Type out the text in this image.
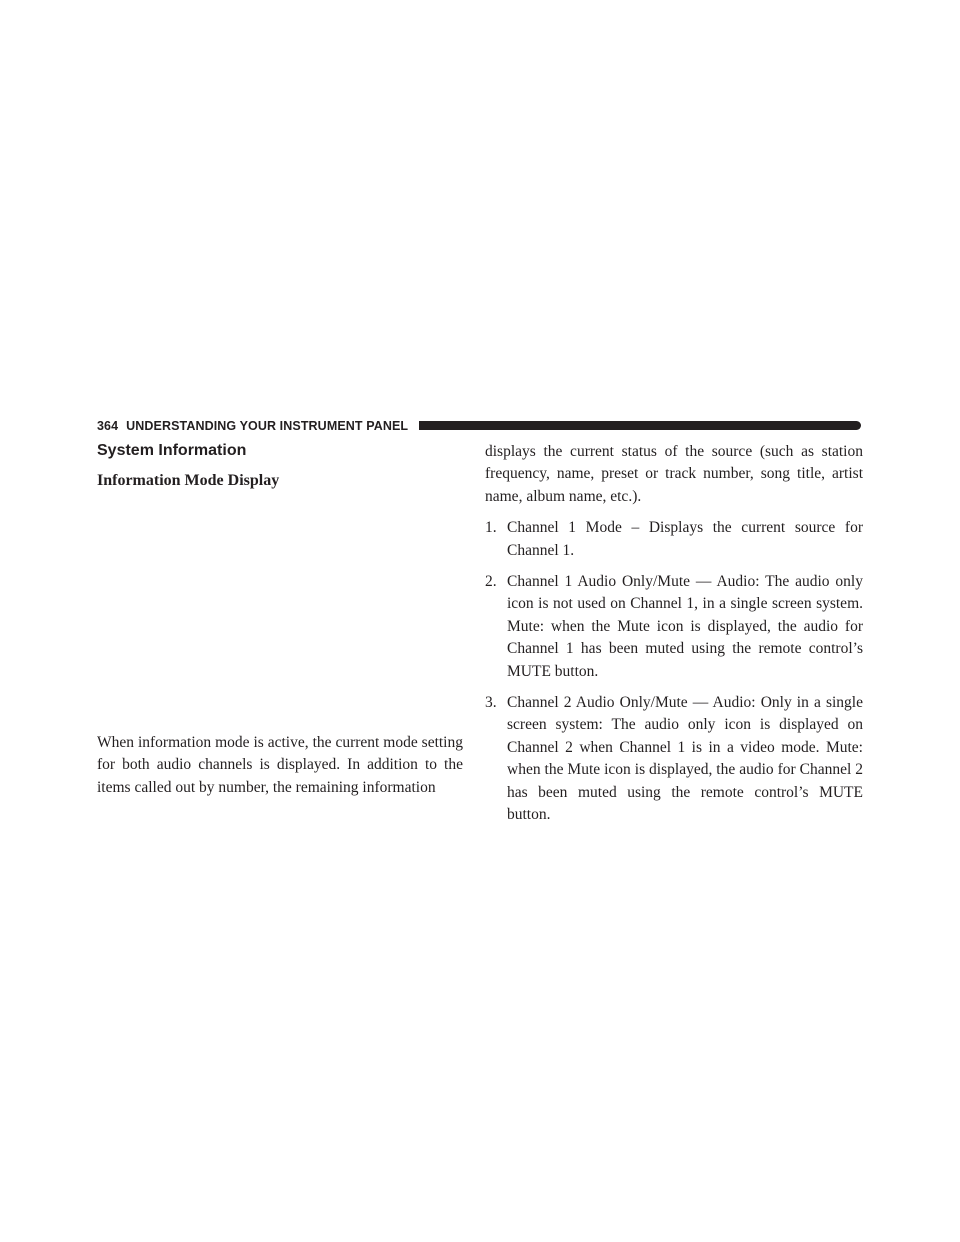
364 UNDERSTANDING YOUR INSTRUMENT PANEL
System Information
Information Mode Display

When information mode is active, the current mode setting for both audio channels is displayed. In addition to the items called out by number, the remaining information

displays the current status of the source (such as station frequency, name, preset or track number, song title, artist name, album name, etc.).

1. Channel 1 Mode – Displays the current source for Channel 1.
2. Channel 1 Audio Only/Mute — Audio: The audio only icon is not used on Channel 1, in a single screen system. Mute: when the Mute icon is displayed, the audio for Channel 1 has been muted using the remote control’s MUTE button.
3. Channel 2 Audio Only/Mute — Audio: Only in a single screen system: The audio only icon is displayed on Channel 2 when Channel 1 is in a video mode. Mute: when the Mute icon is displayed, the audio for Channel 2 has been muted using the remote control’s MUTE button.
